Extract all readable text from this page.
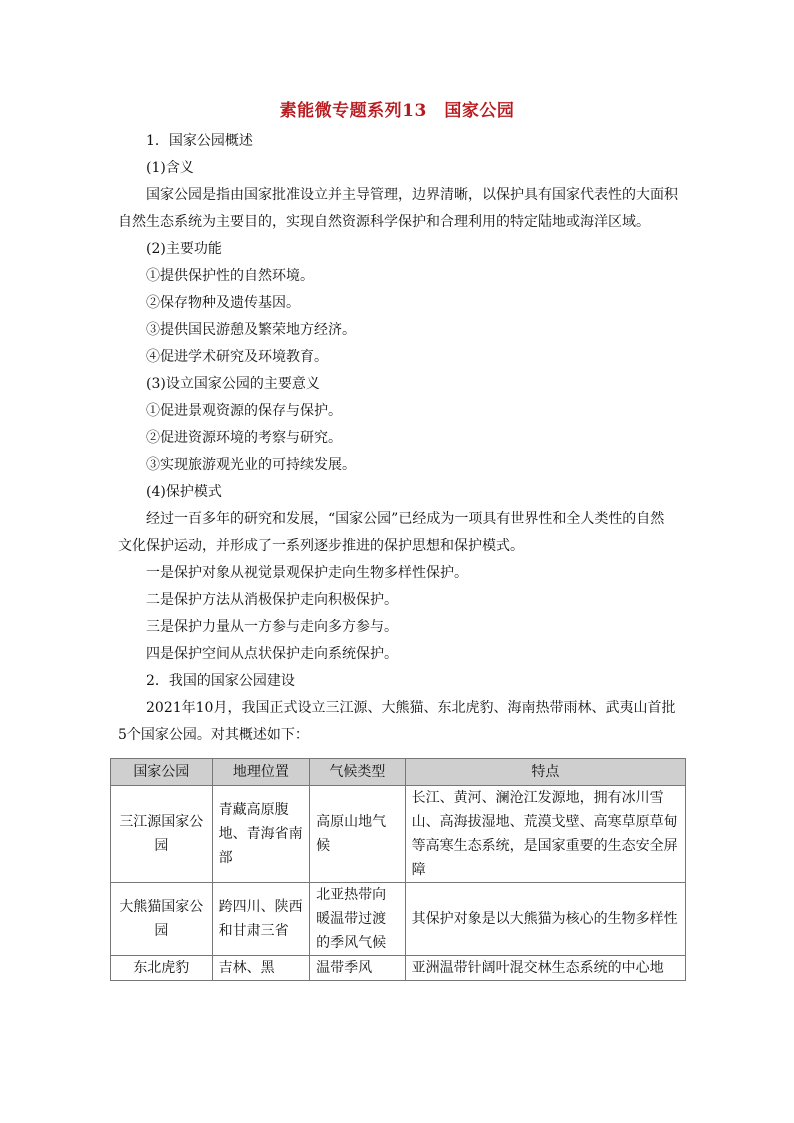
素能微专题系列13　国家公园

1．国家公园概述

(1)含义

国家公园是指由国家批准设立并主导管理，边界清晰，以保护具有国家代表性的大面积自然生态系统为主要目的，实现自然资源科学保护和合理利用的特定陆地或海洋区域。

(2)主要功能

①提供保护性的自然环境。

②保存物种及遗传基因。

③提供国民游憩及繁荣地方经济。

④促进学术研究及环境教育。

(3)设立国家公园的主要意义

①促进景观资源的保存与保护。

②促进资源环境的考察与研究。

③实现旅游观光业的可持续发展。

(4)保护模式

经过一百多年的研究和发展，“国家公园”已经成为一项具有世界性和全人类性的自然文化保护运动，并形成了一系列逐步推进的保护思想和保护模式。

一是保护对象从视觉景观保护走向生物多样性保护。

二是保护方法从消极保护走向积极保护。

三是保护力量从一方参与走向多方参与。

四是保护空间从点状保护走向系统保护。

2．我国的国家公园建设

2021年10月，我国正式设立三江源、大熊猫、东北虎豹、海南热带雨林、武夷山首批5个国家公园。对其概述如下：

国家公园	地理位置	气候类型	特点
三江源国家公园	青藏高原腹地、青海省南部	高原山地气候	长江、黄河、澜沧江发源地，拥有冰川雪山、高海拔湿地、荒漠戈壁、高寒草原草甸等高寒生态系统，是国家重要的生态安全屏障
大熊猫国家公园	跨四川、陕西和甘肃三省	北亚热带向暖温带过渡的季风气候	其保护对象是以大熊猫为核心的生物多样性
东北虎豹	吉林、黑	温带季风	亚洲温带针阔叶混交林生态系统的中心地
